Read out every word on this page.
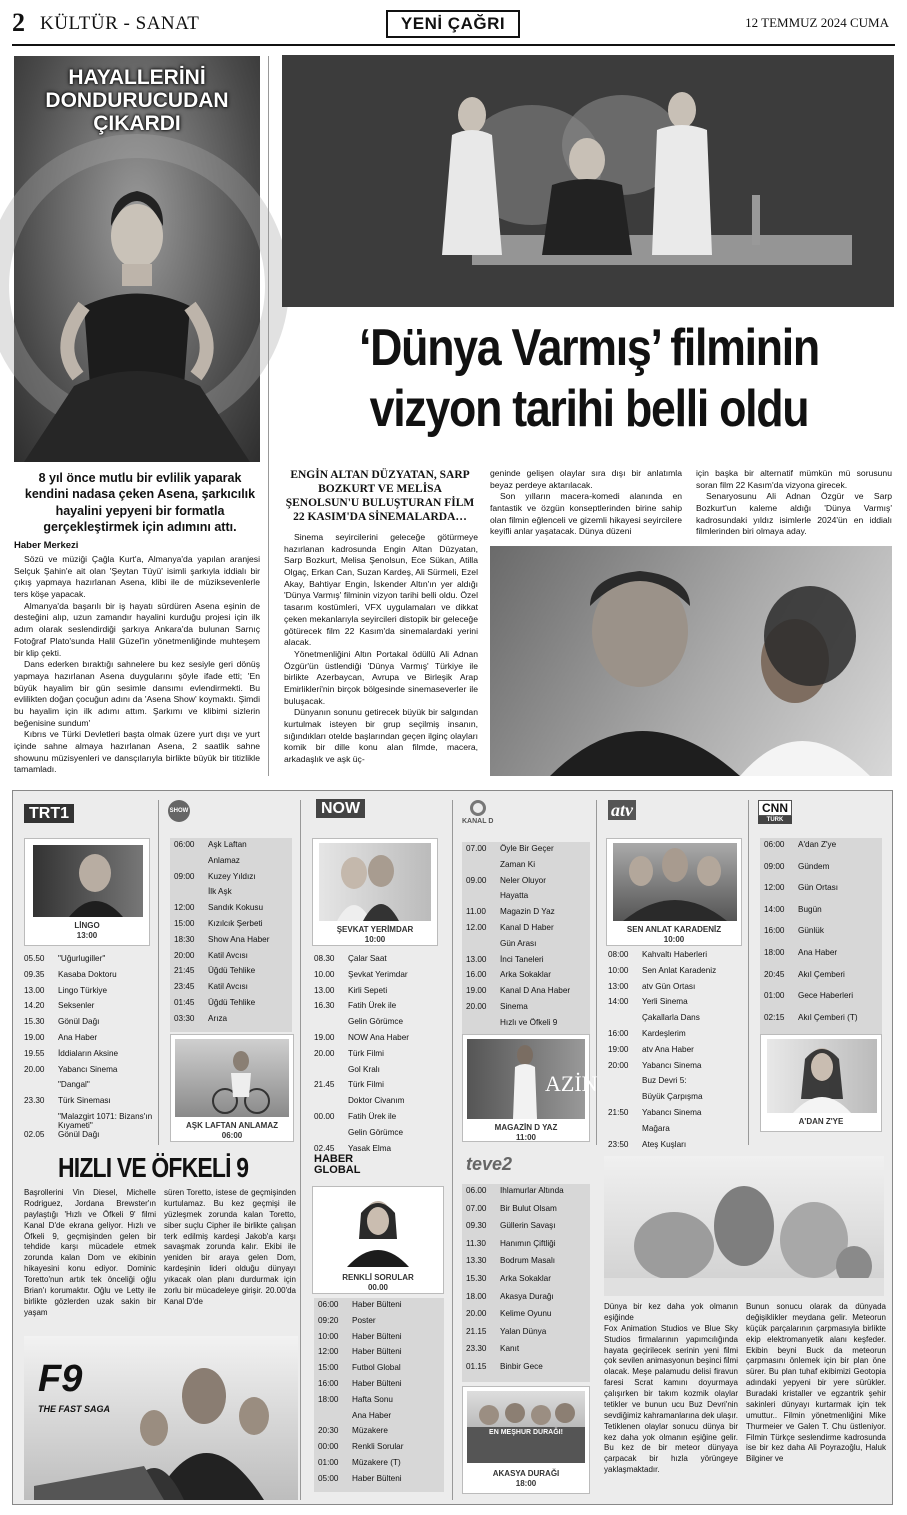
2 KÜLTÜR - SANAT	YENİ ÇAĞRI	12 TEMMUZ 2024 CUMA
HAYALLERİNİ DONDURUCUDAN ÇIKARDI
8 yıl önce mutlu bir evlilik yaparak kendini nadasa çeken Asena, şarkıcılık hayalini yepyeni bir formatla gerçekleştirmek için adımını attı.
Haber Merkezi

Sözü ve müziği Çağla Kurt'a, Almanya'da yapılan aranjesi Selçuk Şahin'e ait olan 'Şeytan Tüyü' isimli şarkıyla iddialı bir çıkış yapmaya hazırlanan Asena, klibi ile de müziksevenlerle ters köşe yapacak.

Almanya'da başarılı bir iş hayatı sürdüren Asena eşinin de desteğini alıp, uzun zamandır hayalini kurduğu projesi için ilk adım olarak seslendirdiği şarkıya Ankara'da bulunan Sarnıç Fotoğraf Plato'sunda Halil Güzel'in yönetmenliğinde muhteşem bir klip çekti.

Dans ederken bıraktığı sahnelere bu kez sesiyle geri dönüş yapmaya hazırlanan Asena duygularını şöyle ifade etti; 'En büyük hayalim bir gün sesimle dansımı evlendirmekti. Bu evlilikten doğan çocuğun adını da 'Asena Show' koymaktı. Şimdi bu hayalim için ilk adımı attım. Şarkımı ve klibimi sizlerin beğenisine sundum'

Kıbrıs ve Türki Devletleri başta olmak üzere yurt dışı ve yurt içinde sahne almaya hazırlanan Asena, 2 saatlik sahne showunu müzisyenleri ve dansçılarıyla birlikte büyük bir titizlikle tamamladı.

‘Dünya Varmış’ filminin vizyon tarihi belli oldu
ENGİN ALTAN DÜZYATAN, SARP BOZKURT VE MELİSA ŞENOLSUN'U BULUŞTURAN FİLM 22 KASIM'DA SİNEMALARDA…

Sinema seyircilerini geleceğe götürmeye hazırlanan kadrosunda Engin Altan Düzyatan, Sarp Bozkurt, Melisa Şenolsun, Ece Sükan, Atilla Olgaç, Erkan Can, Suzan Kardeş, Ali Sürmeli, Ezel Akay, Bahtiyar Engin, İskender Altın'ın yer aldığı 'Dünya Varmış' filminin vizyon tarihi belli oldu. Özel tasarım kostümleri, VFX uygulamaları ve dikkat çeken mekanlarıyla seyircileri distopik bir geleceğe götürecek film 22 Kasım'da sinemalardaki yerini alacak.

Yönetmenliğini Altın Portakal ödüllü Ali Adnan Özgür'ün üstlendiği 'Dünya Varmış' Türkiye ile birlikte Azerbaycan, Avrupa ve Birleşik Arap Emirlikleri'nin birçok bölgesinde sinemaseverler ile buluşacak.

Dünyanın sonunu getirecek büyük bir salgından kurtulmak isteyen bir grup seçilmiş insanın, sığındıkları otelde başlarından geçen ilginç olayları komik bir dille konu alan filmde, macera, arkadaşlık ve aşk üç-

geninde gelişen olaylar sıra dışı bir anlatımla beyaz perdeye aktarılacak.

Son yılların macera-komedi alanında en fantastik ve özgün konseptlerinden birine sahip olan filmin eğlenceli ve gizemli hikayesi seyircilere keyifli anlar yaşatacak. Dünya düzeni

için başka bir alternatif mümkün mü sorusunu soran film 22 Kasım'da vizyona girecek.

Senaryosunu Ali Adnan Özgür ve Sarp Bozkurt'un kaleme aldığı 'Dünya Varmış' kadrosundaki yıldız isimlerle 2024'ün en iddialı filmlerinden biri olmaya aday.

TRT1
LİNGO
13:00
05.50	"Uğurlugiller"
09.35	Kasaba Doktoru
13.00	Lingo Türkiye
14.20	Seksenler
15.30	Gönül Dağı
19.00	Ana Haber
19.55	İddiaların Aksine
20.00	Yabancı Sinema
"Dangal"
23.30	Türk Sineması
"Malazgirt 1071: Bizans'ın Kıyameti"
02.05	Gönül Dağı
SHOW
06:00	Aşk Laftan
Anlamaz
09:00	Kuzey Yıldızı
İlk Aşk
12:00	Sandık Kokusu
15:00	Kızılcık Şerbeti
18:30	Show Ana Haber
20:00	Katil Avcısı
21:45	Üğdü Tehlike
23:45	Katil Avcısı
01:45	Üğdü Tehlike
03:30	Arıza
AŞK LAFTAN ANLAMAZ
06:00
NOW
ŞEVKAT YERİMDAR
10:00
08.30	Çalar Saat
10.00	Şevkat Yerimdar
13.00	Kirli Sepeti
16.30	Fatih Ürek ile
Gelin Görümce
19.00	NOW Ana Haber
20.00	Türk Filmi
Gol Kralı
21.45	Türk Filmi
Doktor Civanım
00.00	Fatih Ürek ile
Gelin Görümce
02.45	Yasak Elma
KANAL D
07.00	Öyle Bir Geçer
Zaman Ki
09.00	Neler Oluyor
Hayatta
11.00	Magazin D Yaz
12.00	Kanal D Haber
Gün Arası
13.00	İnci Taneleri
16.00	Arka Sokaklar
19.00	Kanal D Ana Haber
20.00	Sinema
Hızlı ve Öfkeli 9
AZİN
MAGAZİN D YAZ
11:00
atv
SEN ANLAT KARADENİZ
10:00
08:00	Kahvaltı Haberleri
10:00	Sen Anlat Karadeniz
13:00	atv Gün Ortası
14:00	Yerli Sinema
Çakallarla Dans
16:00	Kardeşlerim
19:00	atv Ana Haber
20:00	Yabancı Sinema
Buz Devri 5:
Büyük Çarpışma
21:50	Yabancı Sinema
Mağara
23:50	Ateş Kuşları
CNN
TÜRK
06:00	A'dan Z'ye
09:00	Gündem
12:00	Gün Ortası
14:00	Bugün
16:00	Günlük
18:00	Ana Haber
20:45	Akıl Çemberi
01:00	Gece Haberleri
02:15	Akıl Çemberi (T)
A'DAN Z'YE
HIZLI VE ÖFKELİ 9
Başrollerini Vin Diesel, Michelle Rodriguez, Jordana Brewster'ın paylaştığı 'Hızlı ve Öfkeli 9' filmi Kanal D'de ekrana geliyor. Hızlı ve Öfkeli 9, geçmişinden gelen bir tehdide karşı mücadele etmek zorunda kalan Dom ve ekibinin hikayesini konu ediyor. Dominic Toretto'nun artık tek önceliği oğlu Brian'ı korumaktır. Oğlu ve Letty ile birlikte gözlerden uzak sakin bir yaşam
süren Toretto, istese de geçmişinden kurtulamaz. Bu kez geçmişi ile yüzleşmek zorunda kalan Toretto, siber suçlu Cipher ile birlikte çalışan terk edilmiş kardeşi Jakob'a karşı savaşmak zorunda kalır. Ekibi ile yeniden bir araya gelen Dom, kardeşinin lideri olduğu dünyayı yıkacak olan planı durdurmak için zorlu bir mücadeleye girişir. 20.00'da Kanal D'de
F9
THE FAST SAGA
HABER GLOBAL
RENKLİ SORULAR
00.00
06:00	Haber Bülteni
09:20	Poster
10:00	Haber Bülteni
12:00	Haber Bülteni
15:00	Futbol Global
16:00	Haber Bülteni
18:00	Hafta Sonu
Ana Haber
20:30	Müzakere
00:00	Renkli Sorular
01:00	Müzakere (T)
05:00	Haber Bülteni
teve2
06.00	Ihlamurlar Altında
07.00	Bir Bulut Olsam
09.30	Güllerin Savaşı
11.30	Hanımın Çiftliği
13.30	Bodrum Masalı
15.30	Arka Sokaklar
18.00	Akasya Durağı
20.00	Kelime Oyunu
21.15	Yalan Dünya
23.30	Kanıt
01.15	Binbir Gece
EN MEŞHUR DURAĞI!
AKASYA DURAĞI
18:00
Dünya bir kez daha yok olmanın eşiğinde
Fox Animation Studios ve Blue Sky Studios firmalarının yapımcılığında hayata geçirilecek serinin yeni filmi çok sevilen animasyonun beşinci filmi olacak. Meşe palamudu delisi firavun faresi Scrat kamını doyurmaya çalışırken bir takım kozmik olaylar tetikler ve bunun ucu Buz Devri'nin sevdiğimiz kahramanlarına dek ulaşır. Tetiklenen olaylar sonucu dünya bir kez daha yok olmanın eşiğine gelir. Bu kez de bir meteor dünyaya çarpacak bir hızla yörüngeye yaklaşmaktadır.
Bunun sonucu olarak da dünyada değişiklikler meydana gelir. Meteorun küçük parçalarının çarpmasıyla birlikte ekip elektromanyetik alanı keşfeder. Ekibin beyni Buck da meteorun çarpmasını önlemek için bir plan öne sürer. Bu plan tuhaf ekibimizi Geotopia adındaki yepyeni bir yere sürükler. Buradaki kristaller ve egzantrik şehir sakinleri dünyayı kurtarmak için tek umuttur.. Filmin yönetmenliğini Mike Thurmeier ve Galen T. Chu üstleniyor. Filmin Türkçe seslendirme kadrosunda ise bir kez daha Ali Poyrazoğlu, Haluk Bilginer ve
